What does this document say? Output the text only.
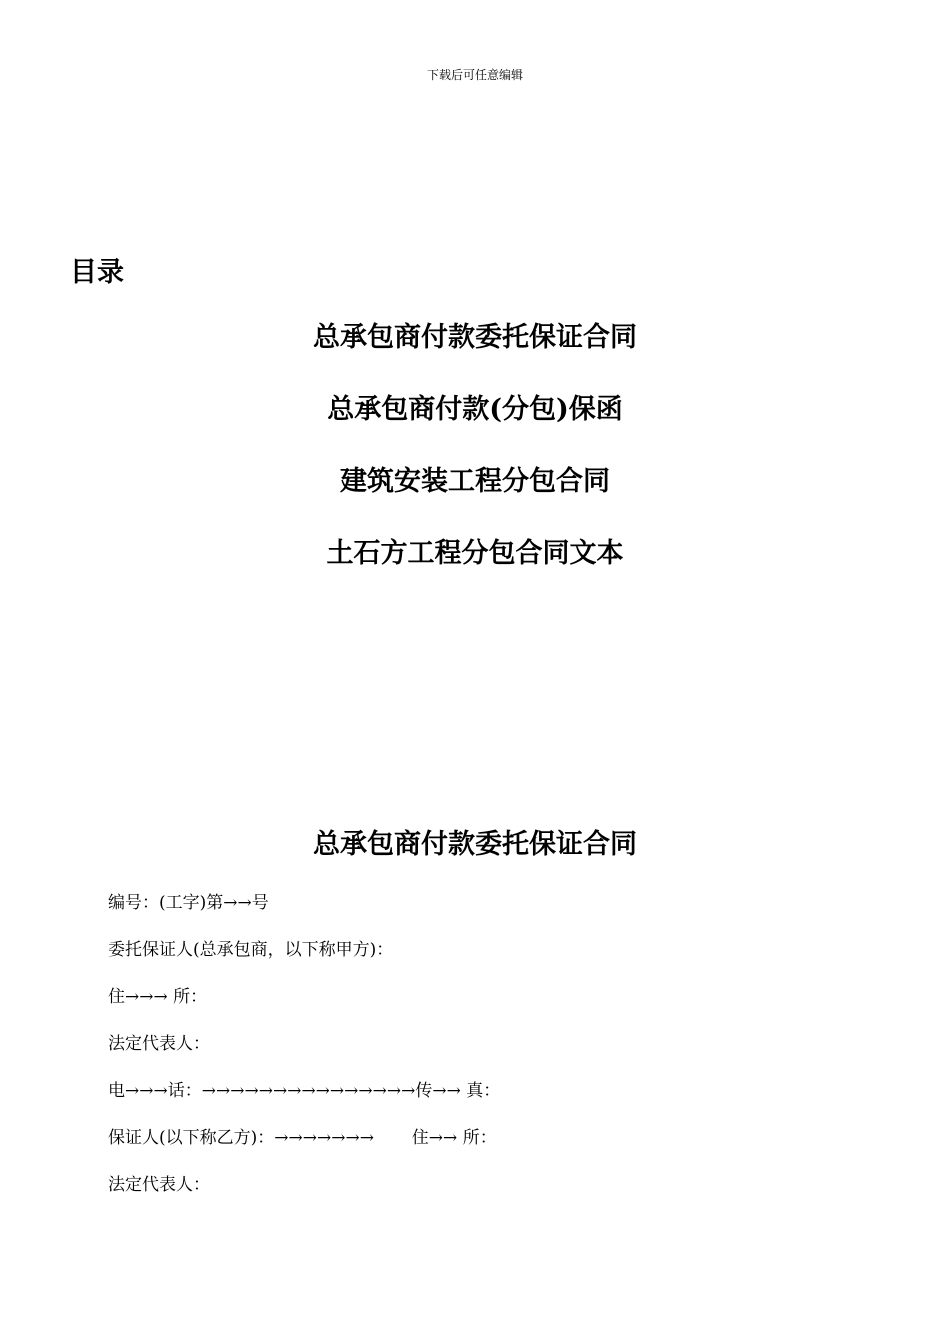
下载后可任意编辑
目录
总承包商付款委托保证合同
总承包商付款(分包)保函
建筑安装工程分包合同
土石方工程分包合同文本
总承包商付款委托保证合同
编号：(工字)第→→号
委托保证人(总承包商，以下称甲方)：
住→→→ 所：
法定代表人：
电→→→话：→→→→→→→→→→→→→→→传→→ 真：
保证人(以下称乙方)：→→→→→→→       住→→ 所：
法定代表人：
